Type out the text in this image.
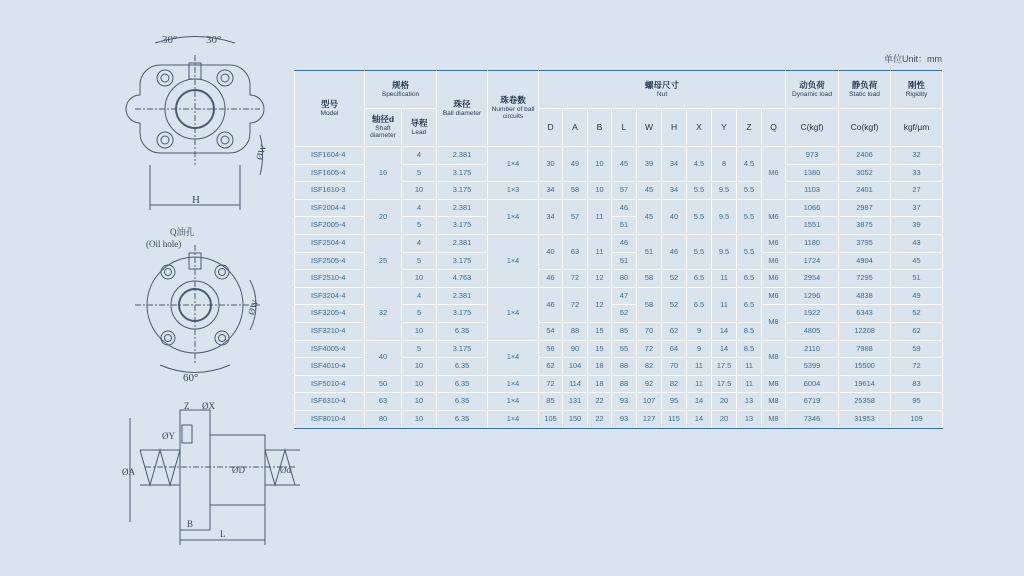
30°	30°
H
ØW
Q油孔
(Oil hole)
60°
ØW
Z ØX
ØY
ØA	ØD	Ød
B
L
单位Unit：mm
型号
Model	规格
Specification		珠径
Ball diameter	珠卷数
Number of ball circuits	螺母尺寸
Nut										动负荷
Dynamic load	静负荷
Static load	刚性
Rigidity

	轴径d
Shaft diameter	导程
Lead			D	A	B	L	W	H	X	Y	Z	Q	C(kgf)	Co(kgf)	kgf/μm
ISF1604-4	16	4	2.381	1×4	30	49	10	45	39	34	4.5	8	4.5	M6	973	2406	32
ISF1605-4		5	3.175												1380	3052	33
ISF1610-3		10	3.175	1×3	34	58	10	57	45	34	5.5	9.5	5.5		1103	2401	27
ISF2004-4	20	4	2.381	1×4	34	57	11	46	45	40	5.5	9.5	5.5	M6	1066	2987	37
ISF2005-4		5	3.175					51							1551	3875	39
ISF2504-4	25	4	2.381	1×4	40	63	11	46	51	46	5.5	9.5	5.5	M6	1180	3795	43
ISF2505-4		5	3.175					51						M6	1724	4904	45
ISF2510-4		10	4.763		46	72	12	80	58	52	6.5	11	6.5	M6	2954	7295	51
ISF3204-4	32	4	2.381	1×4	46	72	12	47	58	52	6.5	11	6.5	M6	1296	4838	49
ISF3205-4		5	3.175					52						M8	1922	6343	52
ISF3210-4		10	6.35		54	88	15	85	70	62	9	14	8.5		4805	12208	62
ISF4005-4	40	5	3.175	1×4	56	90	15	55	72	64	9	14	8.5	M8	2110	7988	59
ISF4010-4		10	6.35		62	104	18	88	82	70	11	17.5	11		5399	15500	72
ISF5010-4	50	10	6.35	1×4	72	114	18	88	92	82	11	17.5	11	M8	6004	19614	83
ISF6310-4	63	10	6.35	1×4	85	131	22	93	107	95	14	20	13	M8	6719	25358	95
ISF8010-4	80	10	6.35	1×4	105	150	22	93	127	115	14	20	13	M8	7346	31953	109
